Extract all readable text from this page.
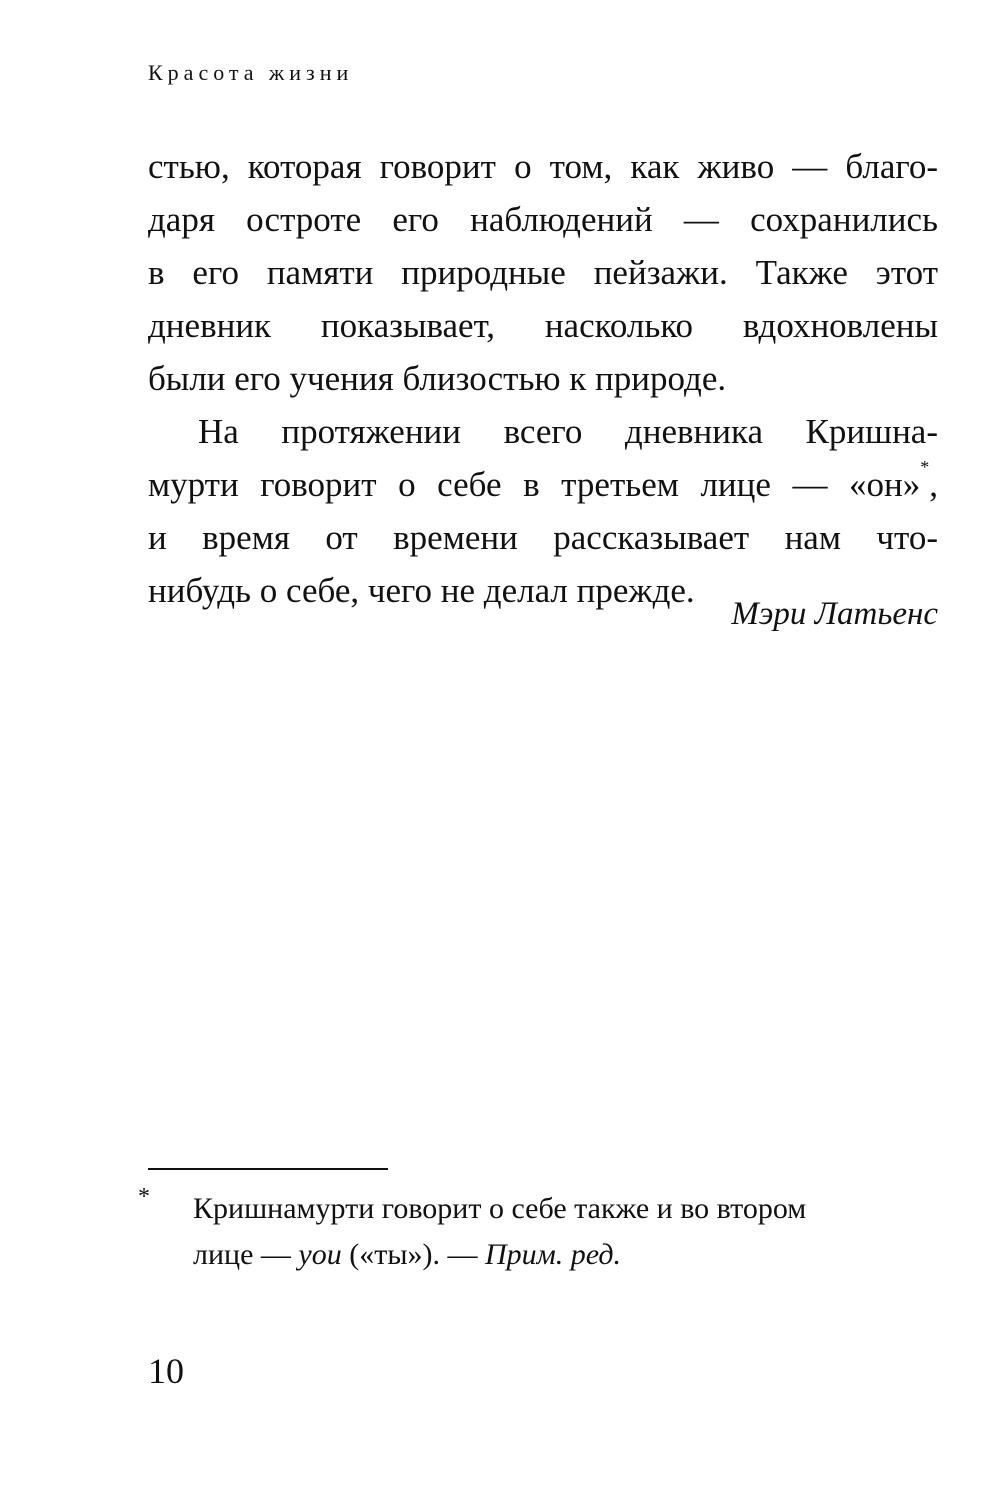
Красота жизни
стью, которая говорит о том, как живо — благо-
даря остроте его наблюдений — сохранились
в его памяти природные пейзажи. Также этот
дневник показывает, насколько вдохновлены
были его учения близостью к природе.
На протяжении всего дневника Кришна-
мурти говорит о себе в третьем лице — «он»*,
и время от времени рассказывает нам что-
нибудь о себе, чего не делал прежде.
Мэри Латьенс
*	Кришнамурти говорит о себе также и во втором
лице — you («ты»). — Прим. ред.
10
